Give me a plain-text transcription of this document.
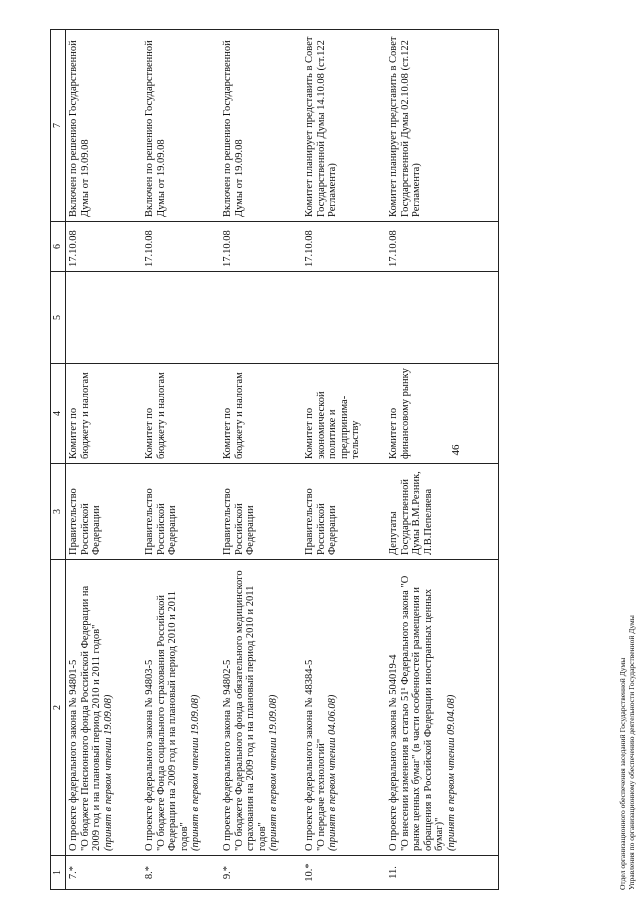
46
1	2	3	4	5	6	7
7.*	О проекте федерального закона № 94801-5 "О бюджете Пенсионного фонда Российской Федерации на 2009 год и на плановый период 2010 и 2011 годов" (принят в первом чтении 19.09.08)	Правительство Российской Федерации	Комитет по бюджету и налогам		17.10.08	Включен по решению Государственной Думы от 19.09.08
8.*	О проекте федерального закона № 94803-5 "О бюджете Фонда социального страхования Российской Федерации на 2009 год и на плановый период 2010 и 2011 годов" (принят в первом чтении 19.09.08)	Правительство Российской Федерации	Комитет по бюджету и налогам		17.10.08	Включен по решению Государственной Думы от 19.09.08
9.*	О проекте федерального закона № 94802-5 "О бюджете Федерального фонда обязательного медицинского страхования на 2009 год и на плановый период 2010 и 2011 годов" (принят в первом чтении 19.09.08)	Правительство Российской Федерации	Комитет по бюджету и налогам		17.10.08	Включен по решению Государственной Думы от 19.09.08
10.*	О проекте федерального закона № 48384-5 "О передаче технологий" (принят в первом чтении 04.06.08)	Правительство Российской Федерации	Комитет по экономической политике и предпринима- тельству		17.10.08	Комитет планирует представить в Совет Государственной Думы 14.10.08 (ст.122 Регламента)
11.	О проекте федерального закона № 504019-4 "О внесении изменения в статью 51¹ Федерального закона "О рынке ценных бумаг" (в части особенностей размещения и обращения в Российской Федерации иностранных ценных бумаг)" (принят в первом чтении 09.04.08)	Депутаты Государственной Думы В.М.Резник, Л.В.Пепеляева	Комитет по финансовому рынку		17.10.08	Комитет планирует представить в Совет Государственной Думы 02.10.08 (ст.122 Регламента)
Отдел организационного обеспечения заседаний Государственной Думы Управления по организационному обеспечению деятельности Государственной Думы
